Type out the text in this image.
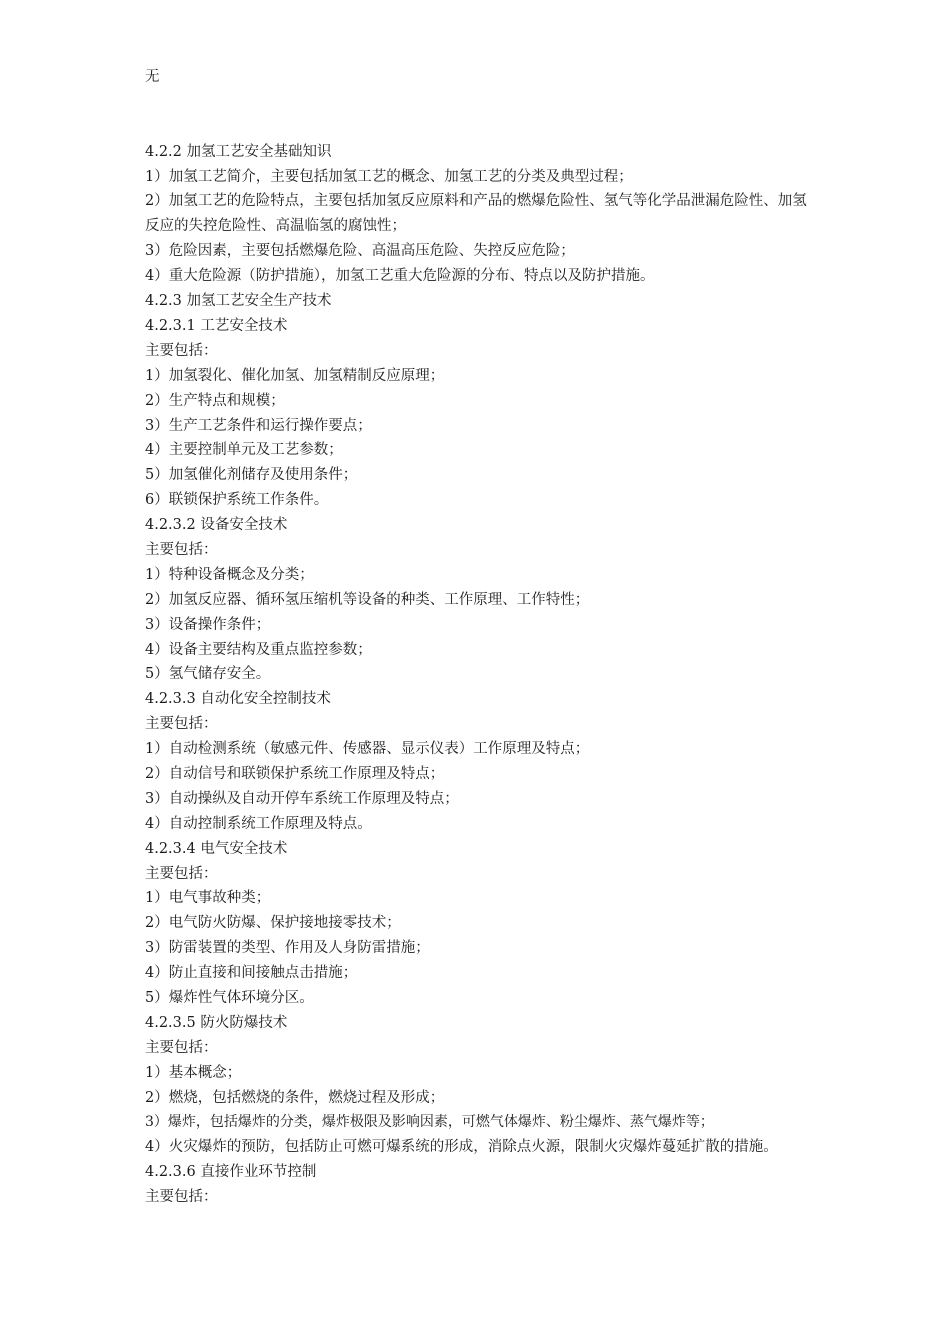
无
4.2.2 加氢工艺安全基础知识
1）加氢工艺简介，主要包括加氢工艺的概念、加氢工艺的分类及典型过程；
2）加氢工艺的危险特点，主要包括加氢反应原料和产品的燃爆危险性、氢气等化学品泄漏危险性、加氢反应的失控危险性、高温临氢的腐蚀性；
3）危险因素，主要包括燃爆危险、高温高压危险、失控反应危险；
4）重大危险源（防护措施），加氢工艺重大危险源的分布、特点以及防护措施。
4.2.3 加氢工艺安全生产技术
4.2.3.1 工艺安全技术
主要包括：
1）加氢裂化、催化加氢、加氢精制反应原理；
2）生产特点和规模；
3）生产工艺条件和运行操作要点；
4）主要控制单元及工艺参数；
5）加氢催化剂储存及使用条件；
6）联锁保护系统工作条件。
4.2.3.2 设备安全技术
主要包括：
1）特种设备概念及分类；
2）加氢反应器、循环氢压缩机等设备的种类、工作原理、工作特性；
3）设备操作条件；
4）设备主要结构及重点监控参数；
5）氢气储存安全。
4.2.3.3 自动化安全控制技术
主要包括：
1）自动检测系统（敏感元件、传感器、显示仪表）工作原理及特点；
2）自动信号和联锁保护系统工作原理及特点；
3）自动操纵及自动开停车系统工作原理及特点；
4）自动控制系统工作原理及特点。
4.2.3.4 电气安全技术
主要包括：
1）电气事故种类；
2）电气防火防爆、保护接地接零技术；
3）防雷装置的类型、作用及人身防雷措施；
4）防止直接和间接触点击措施；
5）爆炸性气体环境分区。
4.2.3.5 防火防爆技术
主要包括：
1）基本概念；
2）燃烧，包括燃烧的条件，燃烧过程及形成；
3）爆炸，包括爆炸的分类，爆炸极限及影响因素，可燃气体爆炸、粉尘爆炸、蒸气爆炸等；
4）火灾爆炸的预防，包括防止可燃可爆系统的形成，消除点火源，限制火灾爆炸蔓延扩散的措施。
4.2.3.6 直接作业环节控制
主要包括：
